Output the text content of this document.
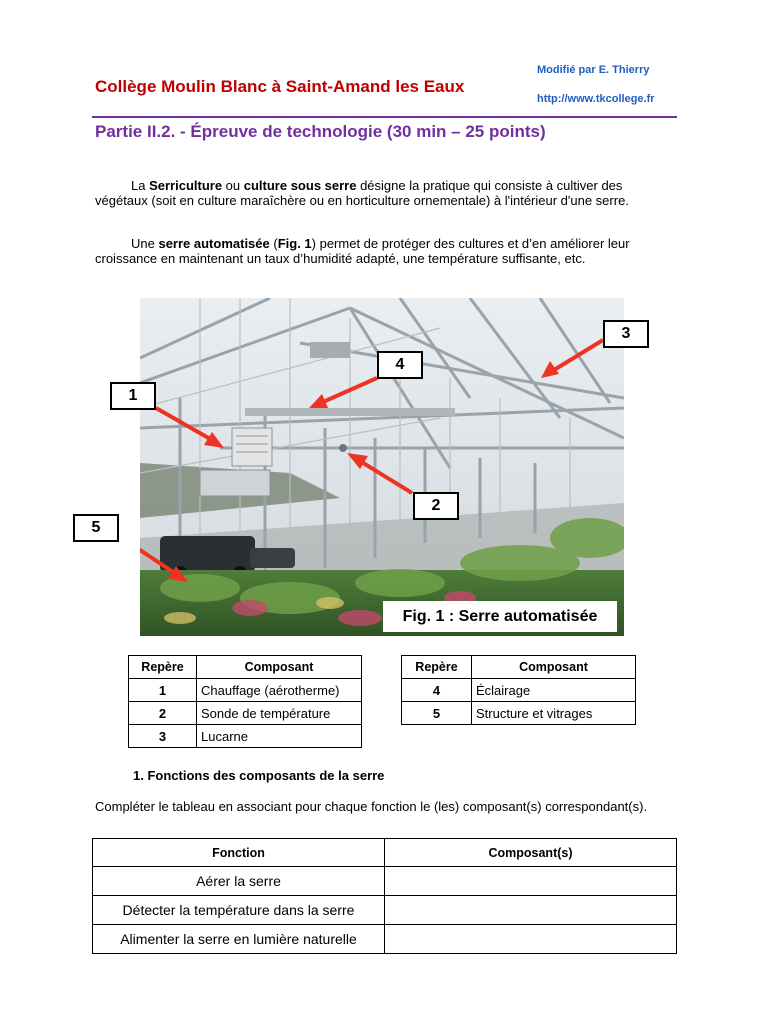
Collège Moulin Blanc à Saint-Amand les Eaux
Modifié par E. Thierry
http://www.tkcollege.fr
Partie II.2. - Épreuve de technologie (30 min – 25 points)

La Serriculture ou culture sous serre désigne la pratique qui consiste à cultiver des végétaux (soit en culture maraîchère ou en horticulture ornementale) à l'intérieur d'une serre.

Une serre automatisée (Fig. 1) permet de protéger des cultures et d’en améliorer leur croissance en maintenant un taux d’humidité adapté, une température suffisante, etc.

1
2
3
4
5
Fig. 1 : Serre automatisée
Repère	Composant
1	Chauffage (aérotherme)
2	Sonde de température
3	Lucarne
Repère	Composant
4	Éclairage
5	Structure et vitrages
1. Fonctions des composants de la serre
Compléter le tableau en associant pour chaque fonction le (les) composant(s) correspondant(s).
Fonction	Composant(s)
Aérer la serre	
Détecter la température dans la serre	
Alimenter la serre en lumière naturelle	
